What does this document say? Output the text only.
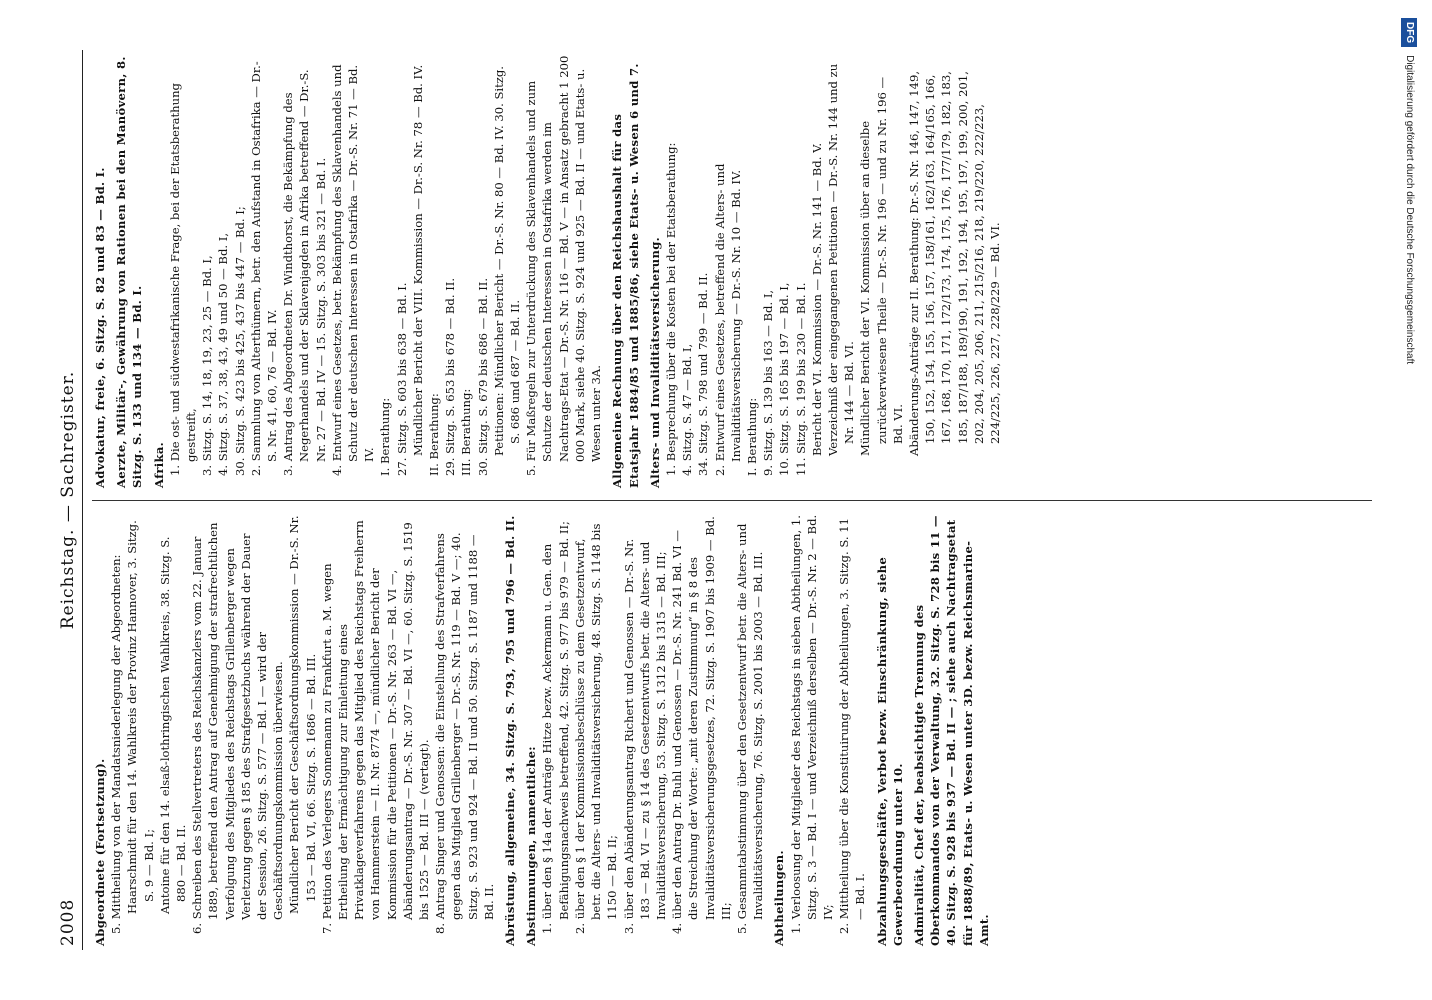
2008
Reichstag. — Sachregister.
Abgeordnete (Fortsetzung). 5. Mittheilung von der Mandatsniederlegung der Abgeordneten: Haarschmidt für den 14. Wahlkreis der Provinz Hannover, 3. Sitzg. S. 9 — Bd. I; Antoine für den 14. elsaß-lothringischen Wahlkreis, 38. Sitzg. S. 880 — Bd. II. 6. Schreiben des Stellvertreters des Reichskanzlers vom 22. Januar 1889, betreffend den Antrag auf Genehmigung der strafrechtlichen Verfolgung des Mitgliedes des Reichstags Grillenberger wegen Verletzung gegen § 185 des Strafgesetzbuchs während der Dauer der Session, 26. Sitzg. S. 577 — Bd. I — wird der Geschäftsordnungskommission überwiesen. Mündlicher Bericht der Geschäftsordnungskommission — Dr.-S. Nr. 153 — Bd. VI, 66. Sitzg. S. 1686 — Bd. III. 7. Petition des Verlegers Sonnemann zu Frankfurt a. M. wegen Ertheilung der Ermächtigung zur Einleitung eines Privatklageverfahrens gegen das Mitglied des Reichstags Freiherrn von Hammerstein — II. Nr. 8774 —, mündlicher Bericht der Kommission für die Petitionen — Dr.-S. Nr. 263 — Bd. VI —, Abänderungsantrag — Dr.-S. Nr. 307 — Bd. VI —, 60. Sitzg. S. 1519 bis 1525 — Bd. III — (vertagt). 8. Antrag Singer und Genossen: die Einstellung des Strafverfahrens gegen das Mitglied Grillenberger — Dr.-S. Nr. 119 — Bd. V —; 40. Sitzg. S. 923 und 924 — Bd. II und 50. Sitzg. S. 1187 und 1188 — Bd. II. Abrüstung, allgemeine, 34. Sitzg. S. 793, 795 und 796 — Bd. II. Abstimmungen, namentliche: 1. über den § 14a der Anträge Hitze bezw. Ackermann u. Gen. den Befähigungsnachweis betreffend, 42. Sitzg. S. 977 bis 979 — Bd. II; 2. über den § 1 der Kommissionsbeschlüsse zu dem Gesetzentwurf, betr. die Alters- und Invaliditätsversicherung, 48. Sitzg. S. 1148 bis 1150 — Bd. II; 3. über den Abänderungsantrag Richert und Genossen — Dr.-S. Nr. 183 — Bd. VI — zu § 14 des Gesetzentwurfs betr. die Alters- und Invaliditätsversicherung, 53. Sitzg. S. 1312 bis 1315 — Bd. III; 4. über den Antrag Dr. Buhl und Genossen — Dr.-S. Nr. 241 Bd. VI — die Streichung der Worte: „mit deren Zustimmung“ in § 8 des Invaliditätsversicherungsgesetzes, 72. Sitzg. S. 1907 bis 1909 — Bd. III; 5. Gesammtabstimmung über den Gesetzentwurf betr. die Alters- und Invaliditätsversicherung, 76. Sitzg. S. 2001 bis 2003 — Bd. III. Abtheilungen. 1. Verloosung der Mitglieder des Reichstags in sieben Abtheilungen, 1. Sitzg. S. 3 — Bd. I — und Verzeichniß derselben — Dr.-S. Nr. 2 — Bd. IV; 2. Mittheilung über die Konstituirung der Abtheilungen, 3. Sitzg. S. 11 — Bd. I. Abzahlungsgeschäfte, Verbot bezw. Einschränkung, siehe Gewerbeordnung unter 10. Admiralität, Chef der, beabsichtigte Trennung des Oberkommandos von der Verwaltung, 32. Sitzg. S. 728 bis 11 — 40. Sitzg. S. 928 bis 937 — Bd. II — ; siehe auch Nachtragsetat für 1888/89, Etats- u. Wesen unter 3D. bezw. Reichsmarine-Amt.
Advokatur, freie, 6. Sitzg. S. 82 und 83 — Bd. I. Aerzte, Militär-, Gewährung von Rationen bei den Manövern, 8. Sitzg. S. 133 und 134 — Bd. I. Afrika. 1. Die ost- und südwestafrikanische Frage, bei der Etatsberathung gestreift, 3. Sitzg. S. 14, 18, 19, 23, 25 — Bd. I, 4. Sitzg. S. 37, 38, 43, 49 und 50 — Bd. I, 30. Sitzg. S. 423 bis 425, 437 bis 447 — Bd. I; 2. Sammlung von Alterthümern, betr. den Aufstand in Ostafrika — Dr.-S. Nr. 41, 60, 76 — Bd. IV. 3. Antrag des Abgeordneten Dr. Windthorst, die Bekämpfung des Negerhandels und der Sklavenjagden in Afrika betreffend — Dr.-S. Nr. 27 — Bd. IV — 15. Sitzg. S. 303 bis 321 — Bd. I. 4. Entwurf eines Gesetzes, betr. Bekämpfung des Sklavenhandels und Schutz der deutschen Interessen in Ostafrika — Dr.-S. Nr. 71 — Bd. IV. I. Berathung: 27. Sitzg. S. 603 bis 638 — Bd. I. Mündlicher Bericht der VIII. Kommission — Dr.-S. Nr. 78 — Bd. IV. II. Berathung: 29. Sitzg. S. 653 bis 678 — Bd. II. III. Berathung: 30. Sitzg. S. 679 bis 686 — Bd. II. Petitionen: Mündlicher Bericht — Dr.-S. Nr. 80 — Bd. IV. 30. Sitzg. S. 686 und 687 — Bd. II. 5. Für Maßregeln zur Unterdrückung des Sklavenhandels und zum Schutze der deutschen Interessen in Ostafrika werden im Nachtrags-Etat — Dr.-S. Nr. 116 — Bd. V — in Ansatz gebracht 1 200 000 Mark, siehe 40. Sitzg. S. 924 und 925 — Bd. II — und Etats- u. Wesen unter 3A. Allgemeine Rechnung über den Reichshaushalt für das Etatsjahr 1884/85 und 1885/86, siehe Etats- u. Wesen 6 und 7. Alters- und Invaliditätsversicherung. 1. Besprechung über die Kosten bei der Etatsberathung: 4. Sitzg. S. 47 — Bd. I, 34. Sitzg. S. 798 und 799 — Bd. II. 2. Entwurf eines Gesetzes, betreffend die Alters- und Invaliditätsversicherung — Dr.-S. Nr. 10 — Bd. IV. I. Berathung: 9. Sitzg. S. 139 bis 163 — Bd. I, 10. Sitzg. S. 165 bis 197 — Bd. I, 11. Sitzg. S. 199 bis 230 — Bd. I. Bericht der VI. Kommission — Dr.-S. Nr. 141 — Bd. V. Verzeichniß der eingegangenen Petitionen — Dr.-S. Nr. 144 und zu Nr. 144 — Bd. VI. Mündlicher Bericht der VI. Kommission über an dieselbe zurückverwiesene Theile — Dr.-S. Nr. 196 — und zu Nr. 196 — Bd. VI. Abänderungs-Anträge zur II. Berathung: Dr.-S. Nr. 146, 147, 149, 150, 152, 154, 155, 156, 157, 158/161, 162/163, 164/165, 166, 167, 168, 170, 171, 172/173, 174, 175, 176, 177/179, 182, 183, 185, 187/188, 189/190, 191, 192, 194, 195, 197, 199, 200, 201, 202, 204, 205, 206, 211, 215/216, 218, 219/220, 222/223, 224/225, 226, 227, 228/229 — Bd. VI.
DFGDigitalisierung gefördert durch die Deutsche Forschungsgemeinschaft
